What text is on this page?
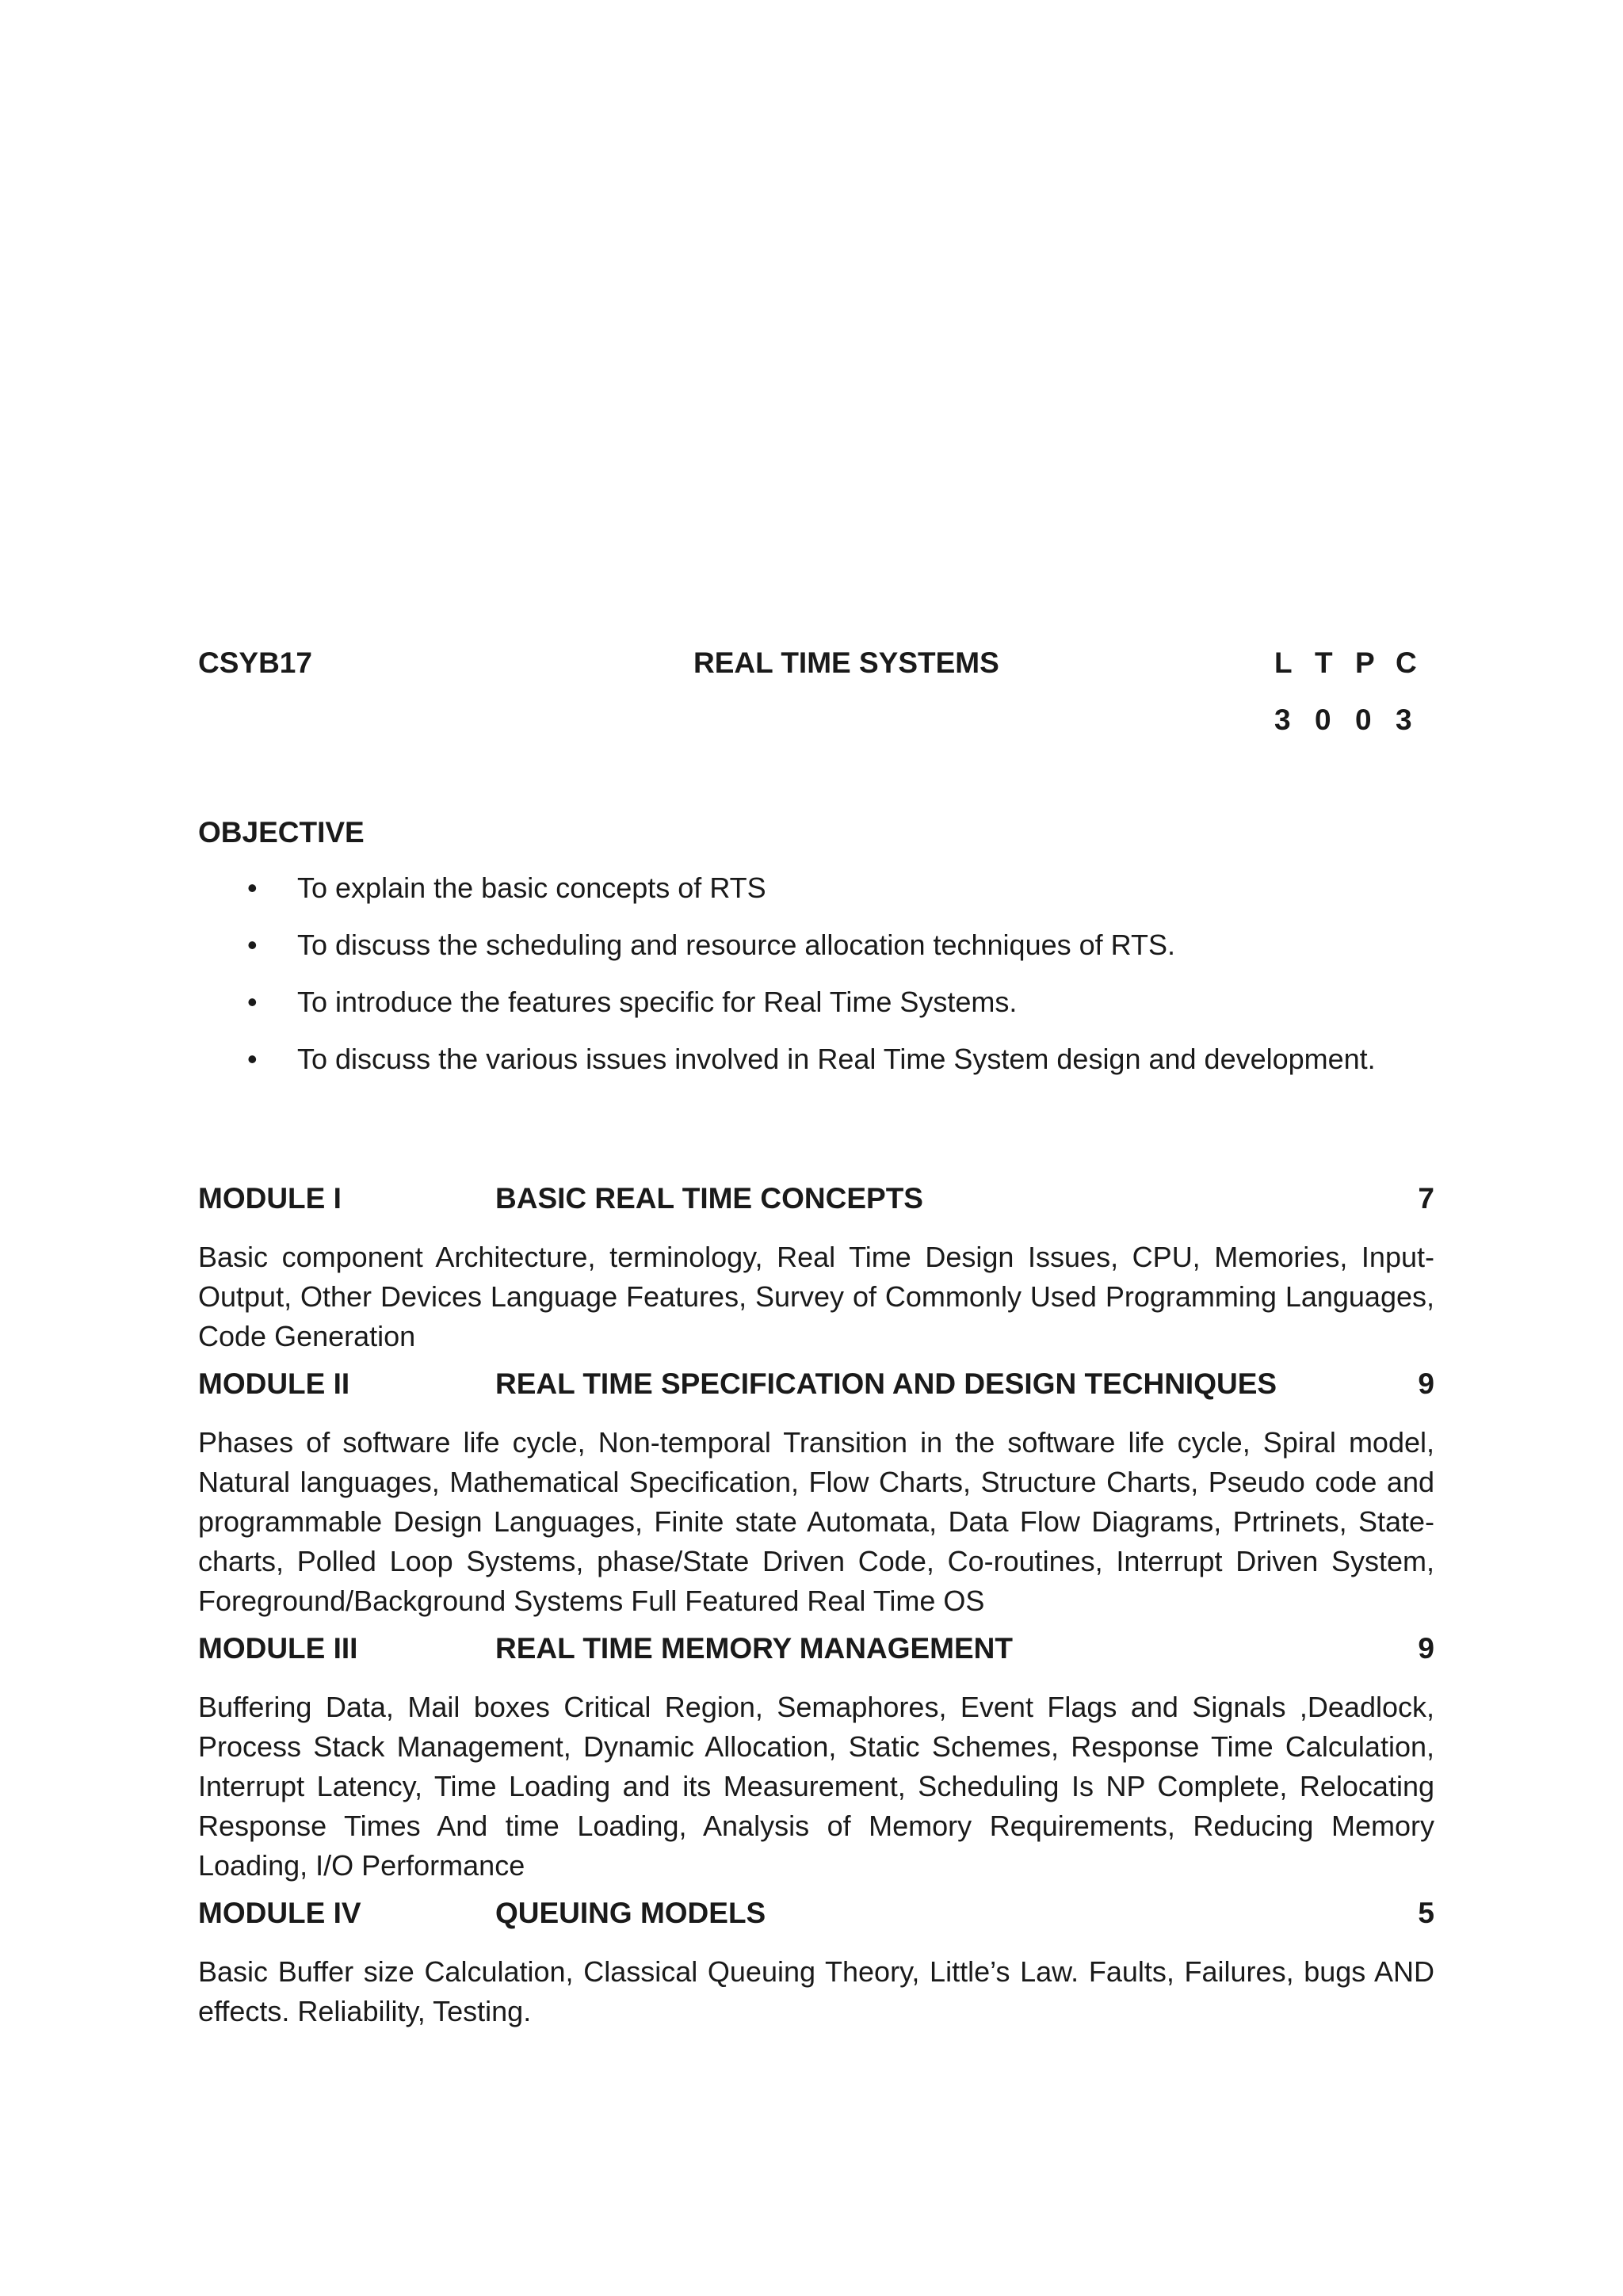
CSYB17	REAL TIME SYSTEMS	L T P C
3 0 0 3
OBJECTIVE
• To explain the basic concepts of RTS
• To discuss the scheduling and resource allocation techniques of RTS.
• To introduce the features specific for Real Time Systems.
• To discuss the various issues involved in Real Time System design and development.
MODULE I	BASIC REAL TIME CONCEPTS	7

Basic component Architecture, terminology, Real Time Design Issues, CPU, Memories, Input- Output, Other Devices Language Features, Survey of Commonly Used Programming Languages, Code Generation

MODULE II	REAL TIME SPECIFICATION AND DESIGN TECHNIQUES	9

Phases of software life cycle, Non-temporal Transition in the software life cycle, Spiral model, Natural languages, Mathematical Specification, Flow Charts, Structure Charts, Pseudo code and programmable Design Languages, Finite state Automata, Data Flow Diagrams, Prtrinets, State-charts, Polled Loop Systems, phase/State Driven Code, Co-routines, Interrupt Driven System, Foreground/Background Systems Full Featured Real Time OS

MODULE III	REAL TIME MEMORY MANAGEMENT	9

Buffering Data, Mail boxes Critical Region, Semaphores, Event Flags and Signals ,Deadlock, Process Stack Management, Dynamic Allocation, Static Schemes, Response Time Calculation, Interrupt Latency, Time Loading and its Measurement, Scheduling Is NP Complete, Relocating Response Times And time Loading, Analysis of Memory Requirements, Reducing Memory Loading, I/O Performance

MODULE IV	QUEUING MODELS	5

Basic Buffer size Calculation, Classical Queuing Theory, Little’s Law. Faults, Failures, bugs AND effects. Reliability, Testing.
